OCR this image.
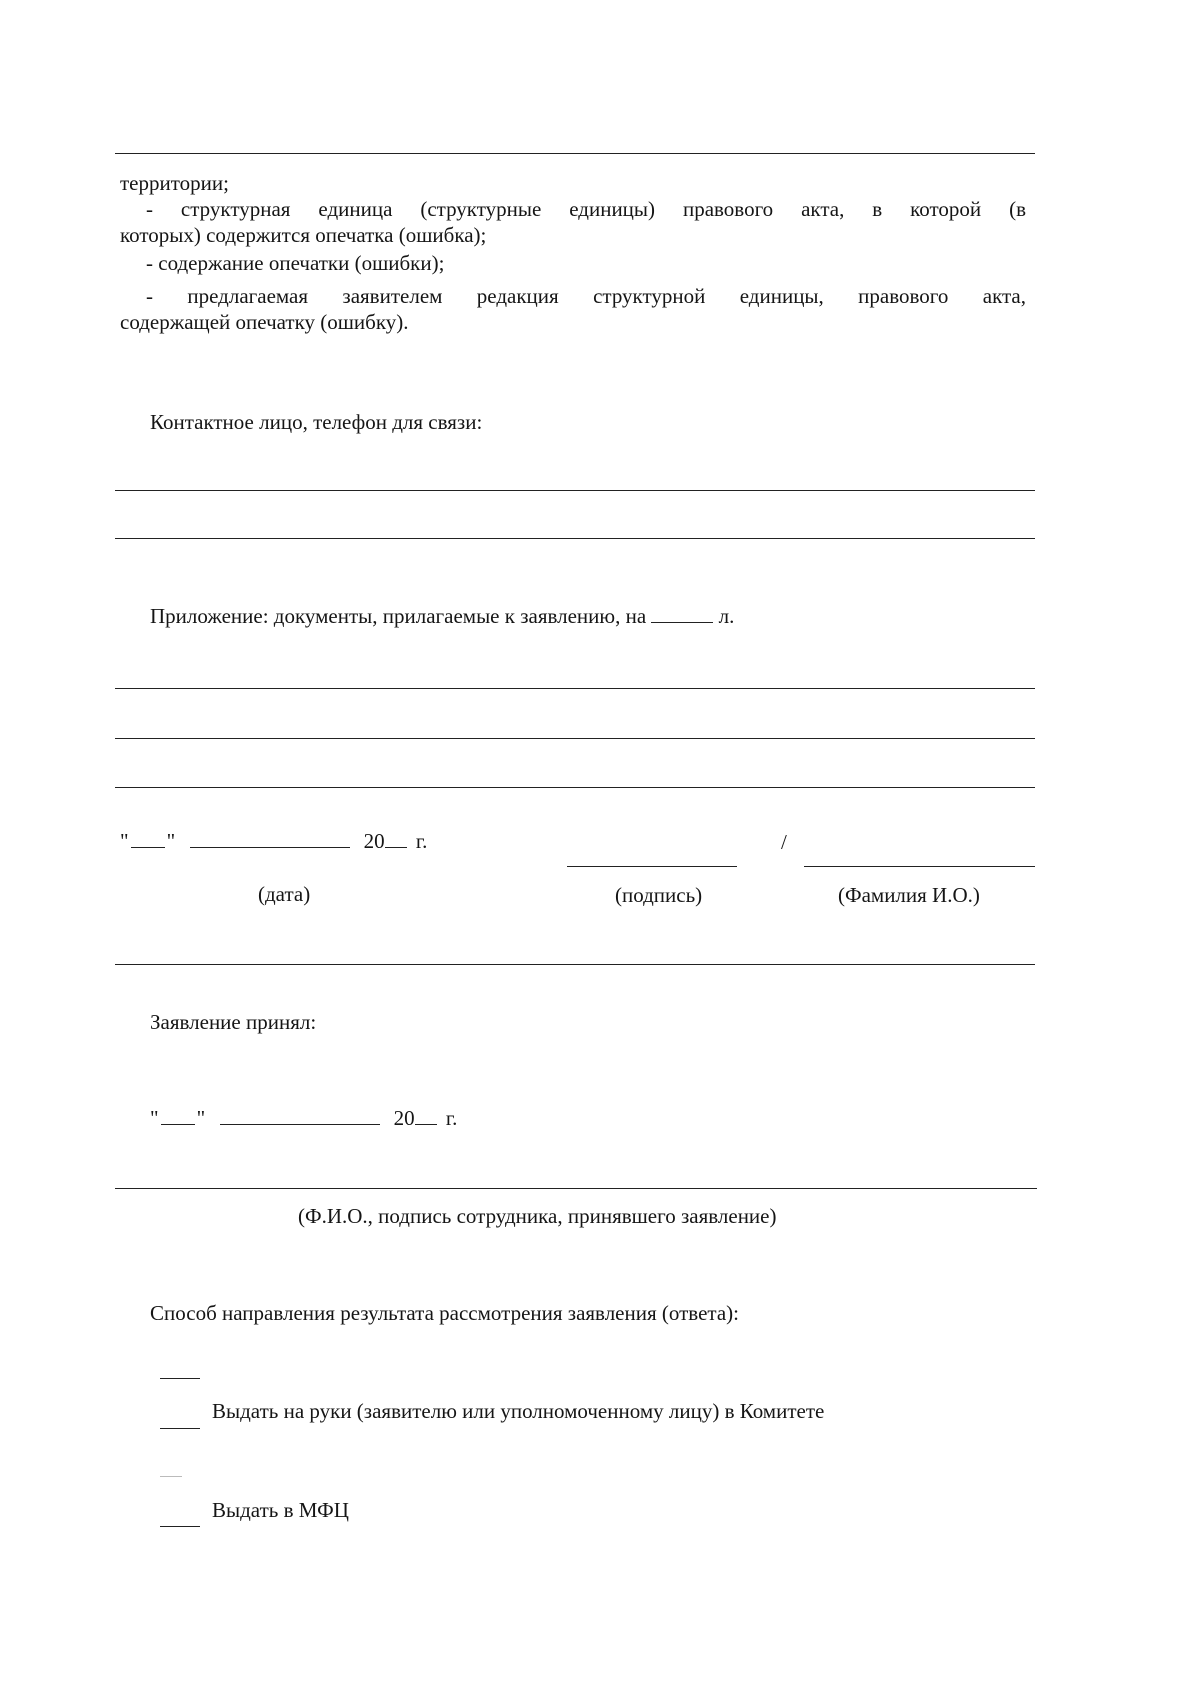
территории;
- структурная единица (структурные единицы) правового акта, в которой (в
которых) содержится опечатка (ошибка);
- содержание опечатки (ошибки);
- предлагаемая заявителем редакция структурной единицы, правового акта,
содержащей опечатку (ошибку).
Контактное лицо, телефон для связи:
Приложение: документы, прилагаемые к заявлению, на	л.
" "	20 г.	/
(дата)	(подпись)	(Фамилия И.О.)
Заявление принял:
" "	20 г.
(Ф.И.О., подпись сотрудника, принявшего заявление)
Способ направления результата рассмотрения заявления (ответа):
Выдать на руки (заявителю или уполномоченному лицу) в Комитете
Выдать в МФЦ
